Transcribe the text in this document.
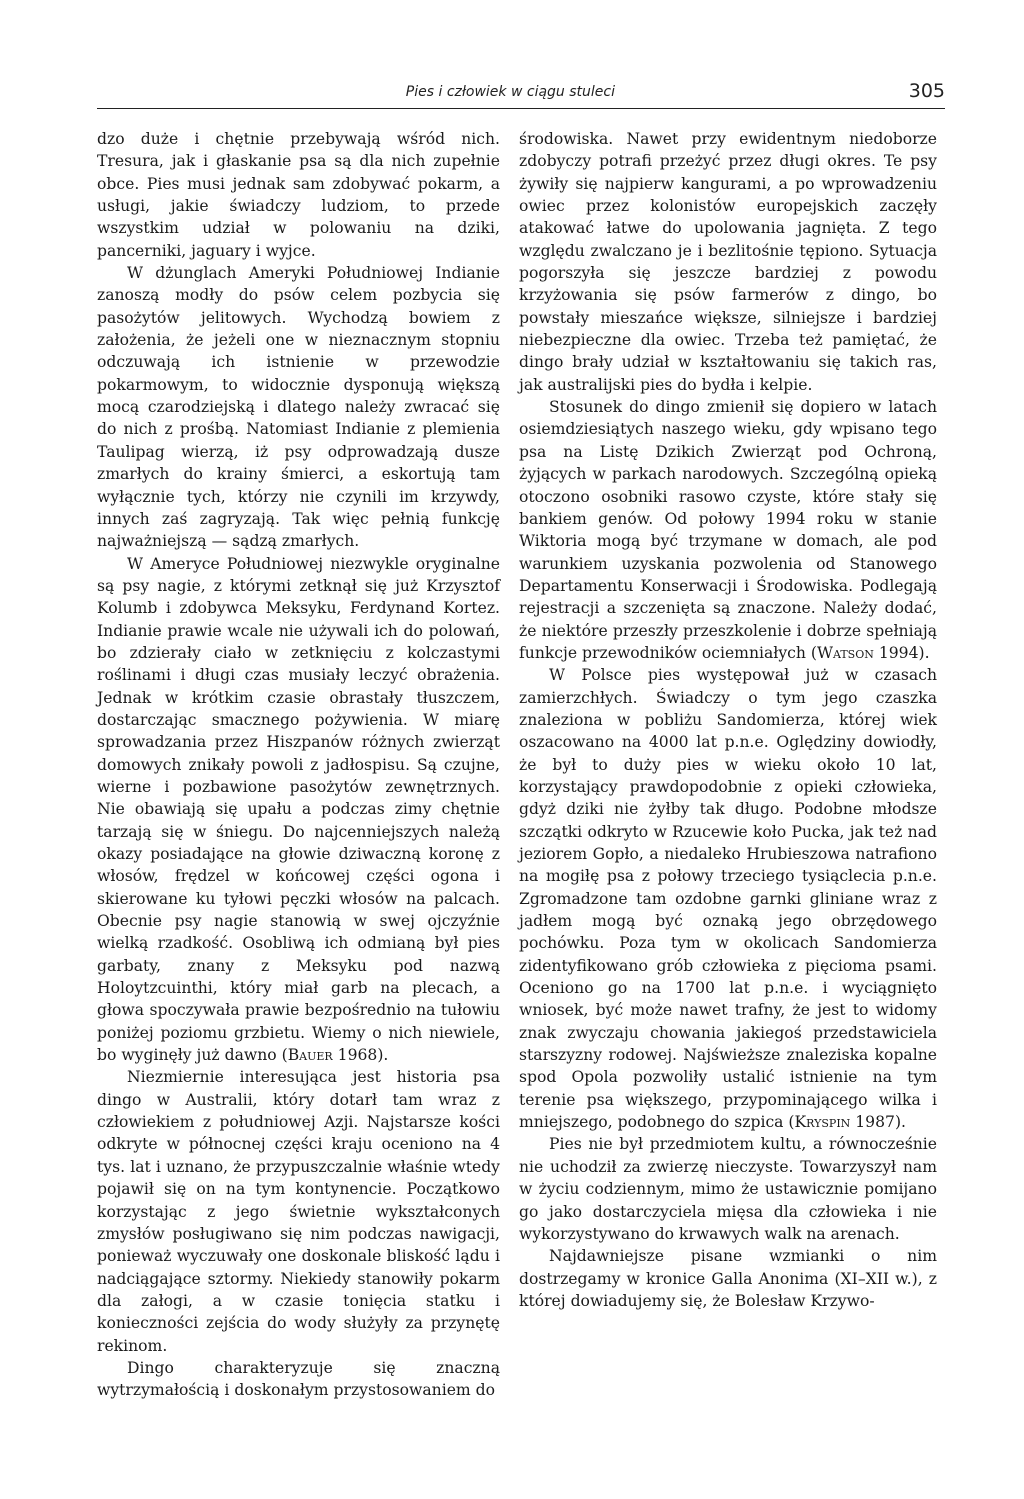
Pies i człowiek w ciągu stuleci	305

dzo duże i chętnie przebywają wśród nich. Tresura, jak i głaskanie psa są dla nich zupełnie obce. Pies musi jednak sam zdobywać pokarm, a usługi, jakie świadczy ludziom, to przede wszystkim udział w polowaniu na dziki, pancerniki, jaguary i wyjce.

W dżunglach Ameryki Południowej Indianie zanoszą modły do psów celem pozbycia się pasożytów jelitowych. Wychodzą bowiem z założenia, że jeżeli one w nieznacznym stopniu odczuwają ich istnienie w przewodzie pokarmowym, to widocznie dysponują większą mocą czarodziejską i dlatego należy zwracać się do nich z prośbą. Natomiast Indianie z plemienia Taulipag wierzą, iż psy odprowadzają dusze zmarłych do krainy śmierci, a eskortują tam wyłącznie tych, którzy nie czynili im krzywdy, innych zaś zagryzają. Tak więc pełnią funkcję najważniejszą — sądzą zmarłych.

W Ameryce Południowej niezwykle oryginalne są psy nagie, z którymi zetknął się już Krzysztof Kolumb i zdobywca Meksyku, Ferdynand Kortez. Indianie prawie wcale nie używali ich do polowań, bo zdzierały ciało w zetknięciu z kolczastymi roślinami i długi czas musiały leczyć obrażenia. Jednak w krótkim czasie obrastały tłuszczem, dostarczając smacznego pożywienia. W miarę sprowadzania przez Hiszpanów różnych zwierząt domowych znikały powoli z jadłospisu. Są czujne, wierne i pozbawione pasożytów zewnętrznych. Nie obawiają się upału a podczas zimy chętnie tarzają się w śniegu. Do najcenniejszych należą okazy posiadające na głowie dziwaczną koronę z włosów, frędzel w końcowej części ogona i skierowane ku tyłowi pęczki włosów na palcach. Obecnie psy nagie stanowią w swej ojczyźnie wielką rzadkość. Osobliwą ich odmianą był pies garbaty, znany z Meksyku pod nazwą Holoytzcuinthi, który miał garb na plecach, a głowa spoczywała prawie bezpośrednio na tułowiu poniżej poziomu grzbietu. Wiemy o nich niewiele, bo wyginęły już dawno (Bauer 1968).

Niezmiernie interesująca jest historia psa dingo w Australii, który dotarł tam wraz z człowiekiem z południowej Azji. Najstarsze kości odkryte w północnej części kraju oceniono na 4 tys. lat i uznano, że przypuszczalnie właśnie wtedy pojawił się on na tym kontynencie. Początkowo korzystając z jego świetnie wykształconych zmysłów posługiwano się nim podczas nawigacji, ponieważ wyczuwały one doskonale bliskość lądu i nadciągające sztormy. Niekiedy stanowiły pokarm dla załogi, a w czasie tonięcia statku i konieczności zejścia do wody służyły za przynętę rekinom.

Dingo charakteryzuje się znaczną wytrzymałością i doskonałym przystosowaniem do

środowiska. Nawet przy ewidentnym niedoborze zdobyczy potrafi przeżyć przez długi okres. Te psy żywiły się najpierw kangurami, a po wprowadzeniu owiec przez kolonistów europejskich zaczęły atakować łatwe do upolowania jagnięta. Z tego względu zwalczano je i bezlitośnie tępiono. Sytuacja pogorszyła się jeszcze bardziej z powodu krzyżowania się psów farmerów z dingo, bo powstały mieszańce większe, silniejsze i bardziej niebezpieczne dla owiec. Trzeba też pamiętać, że dingo brały udział w kształtowaniu się takich ras, jak australijski pies do bydła i kelpie.

Stosunek do dingo zmienił się dopiero w latach osiemdziesiątych naszego wieku, gdy wpisano tego psa na Listę Dzikich Zwierząt pod Ochroną, żyjących w parkach narodowych. Szczególną opieką otoczono osobniki rasowo czyste, które stały się bankiem genów. Od połowy 1994 roku w stanie Wiktoria mogą być trzymane w domach, ale pod warunkiem uzyskania pozwolenia od Stanowego Departamentu Konserwacji i Środowiska. Podlegają rejestracji a szczenięta są znaczone. Należy dodać, że niektóre przeszły przeszkolenie i dobrze spełniają funkcje przewodników ociemniałych (Watson 1994).

W Polsce pies występował już w czasach zamierzchłych. Świadczy o tym jego czaszka znaleziona w pobliżu Sandomierza, której wiek oszacowano na 4000 lat p.n.e. Oględziny dowiodły, że był to duży pies w wieku około 10 lat, korzystający prawdopodobnie z opieki człowieka, gdyż dziki nie żyłby tak długo. Podobne młodsze szczątki odkryto w Rzucewie koło Pucka, jak też nad jeziorem Gopło, a niedaleko Hrubieszowa natrafiono na mogiłę psa z połowy trzeciego tysiąclecia p.n.e. Zgromadzone tam ozdobne garnki gliniane wraz z jadłem mogą być oznaką jego obrzędowego pochówku. Poza tym w okolicach Sandomierza zidentyfikowano grób człowieka z pięcioma psami. Oceniono go na 1700 lat p.n.e. i wyciągnięto wniosek, być może nawet trafny, że jest to widomy znak zwyczaju chowania jakiegoś przedstawiciela starszyzny rodowej. Najświeższe znaleziska kopalne spod Opola pozwoliły ustalić istnienie na tym terenie psa większego, przypominającego wilka i mniejszego, podobnego do szpica (Kryspin 1987).

Pies nie był przedmiotem kultu, a równocześnie nie uchodził za zwierzę nieczyste. Towarzyszył nam w życiu codziennym, mimo że ustawicznie pomijano go jako dostarczyciela mięsa dla człowieka i nie wykorzystywano do krwawych walk na arenach.

Najdawniejsze pisane wzmianki o nim dostrzegamy w kronice Galla Anonima (XI–XII w.), z której dowiadujemy się, że Bolesław Krzywo-
